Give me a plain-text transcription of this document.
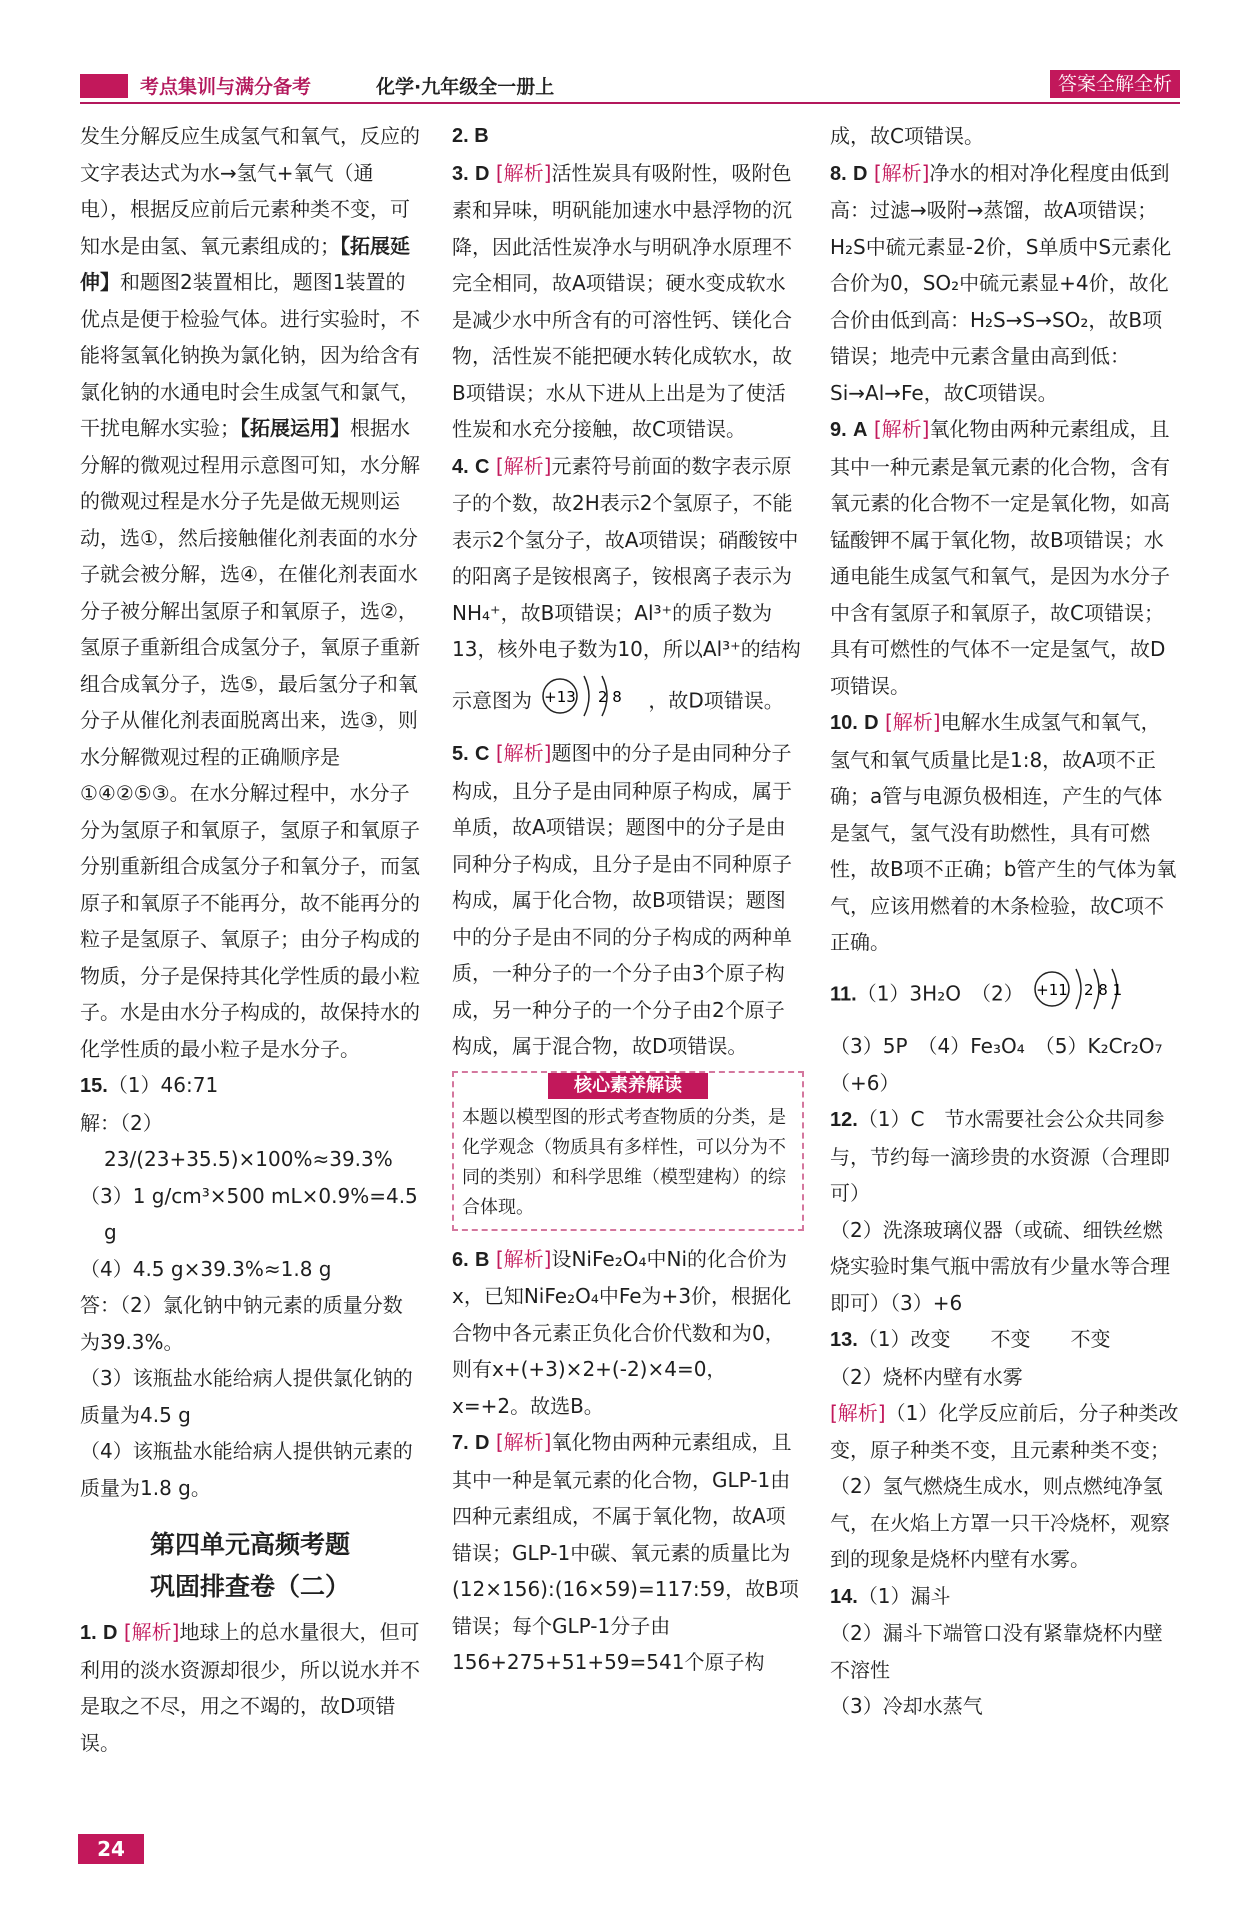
考点集训与满分备考	化学·九年级全一册上	答案全解全析

发生分解反应生成氢气和氧气，反应的文字表达式为水→氢气+氧气（通电），根据反应前后元素种类不变，可知水是由氢、氧元素组成的；【拓展延伸】和题图2装置相比，题图1装置的优点是便于检验气体。进行实验时，不能将氢氧化钠换为氯化钠，因为给含有氯化钠的水通电时会生成氢气和氯气，干扰电解水实验；【拓展运用】根据水分解的微观过程用示意图可知，水分解的微观过程是水分子先是做无规则运动，选①，然后接触催化剂表面的水分子就会被分解，选④，在催化剂表面水分子被分解出氢原子和氧原子，选②，氢原子重新组合成氢分子，氧原子重新组合成氧分子，选⑤，最后氢分子和氧分子从催化剂表面脱离出来，选③，则水分解微观过程的正确顺序是①④②⑤③。在水分解过程中，水分子分为氢原子和氧原子，氢原子和氧原子分别重新组合成氢分子和氧分子，而氢原子和氧原子不能再分，故不能再分的粒子是氢原子、氧原子；由分子构成的物质，分子是保持其化学性质的最小粒子。水是由水分子构成的，故保持水的化学性质的最小粒子是水分子。

15.（1）46:71

解：（2）23/(23+35.5)×100%≈39.3%

（3）1 g/cm³×500 mL×0.9%=4.5 g

（4）4.5 g×39.3%≈1.8 g

答：（2）氯化钠中钠元素的质量分数为39.3%。

（3）该瓶盐水能给病人提供氯化钠的质量为4.5 g

（4）该瓶盐水能给病人提供钠元素的质量为1.8 g。

第四单元高频考题
巩固排查卷（二）

1. D [解析]地球上的总水量很大，但可利用的淡水资源却很少，所以说水并不是取之不尽，用之不竭的，故D项错误。

2. B

3. D [解析]活性炭具有吸附性，吸附色素和异味，明矾能加速水中悬浮物的沉降，因此活性炭净水与明矾净水原理不完全相同，故A项错误；硬水变成软水是减少水中所含有的可溶性钙、镁化合物，活性炭不能把硬水转化成软水，故B项错误；水从下进从上出是为了使活性炭和水充分接触，故C项错误。

4. C [解析]元素符号前面的数字表示原子的个数，故2H表示2个氢原子，不能表示2个氢分子，故A项错误；硝酸铵中的阳离子是铵根离子，铵根离子表示为NH₄⁺，故B项错误；Al³⁺的质子数为13，核外电子数为10，所以Al³⁺的结构示意图为 +13 2 8 ，故D项错误。

5. C [解析]题图中的分子是由同种分子构成，且分子是由同种原子构成，属于单质，故A项错误；题图中的分子是由同种分子构成，且分子是由不同种原子构成，属于化合物，故B项错误；题图中的分子是由不同的分子构成的两种单质，一种分子的一个分子由3个原子构成，另一种分子的一个分子由2个原子构成，属于混合物，故D项错误。

核心素养解读
本题以模型图的形式考查物质的分类，是化学观念（物质具有多样性，可以分为不同的类别）和科学思维（模型建构）的综合体现。

6. B [解析]设NiFe₂O₄中Ni的化合价为x，已知NiFe₂O₄中Fe为+3价，根据化合物中各元素正负化合价代数和为0，则有x+(+3)×2+(-2)×4=0，x=+2。故选B。

7. D [解析]氧化物由两种元素组成，且其中一种是氧元素的化合物，GLP-1由四种元素组成，不属于氧化物，故A项错误；GLP-1中碳、氧元素的质量比为(12×156):(16×59)=117:59，故B项错误；每个GLP-1分子由156+275+51+59=541个原子构

成，故C项错误。

8. D [解析]净水的相对净化程度由低到高：过滤→吸附→蒸馏，故A项错误；H₂S中硫元素显-2价，S单质中S元素化合价为0，SO₂中硫元素显+4价，故化合价由低到高：H₂S→S→SO₂，故B项错误；地壳中元素含量由高到低：Si→Al→Fe，故C项错误。

9. A [解析]氧化物由两种元素组成，且其中一种元素是氧元素的化合物，含有氧元素的化合物不一定是氧化物，如高锰酸钾不属于氧化物，故B项错误；水通电能生成氢气和氧气，是因为水分子中含有氢原子和氧原子，故C项错误；具有可燃性的气体不一定是氢气，故D项错误。

10. D [解析]电解水生成氢气和氧气，氢气和氧气质量比是1:8，故A项不正确；a管与电源负极相连，产生的气体是氢气，氢气没有助燃性，具有可燃性，故B项不正确；b管产生的气体为氧气，应该用燃着的木条检验，故C项不正确。

11.（1）3H₂O　（2） +11 2 8 1

（3）5P　（4）Fe₃O₄　（5）K₂Cr₂O₇（+6）

12.（1）C　节水需要社会公众共同参与，节约每一滴珍贵的水资源（合理即可）

（2）洗涤玻璃仪器（或硫、细铁丝燃烧实验时集气瓶中需放有少量水等合理即可）（3）+6

13.（1）改变　　不变　　不变

（2）烧杯内壁有水雾

[解析]（1）化学反应前后，分子种类改变，原子种类不变，且元素种类不变；（2）氢气燃烧生成水，则点燃纯净氢气，在火焰上方罩一只干冷烧杯，观察到的现象是烧杯内壁有水雾。

14.（1）漏斗

（2）漏斗下端管口没有紧靠烧杯内壁　不溶性

（3）冷却水蒸气

24
